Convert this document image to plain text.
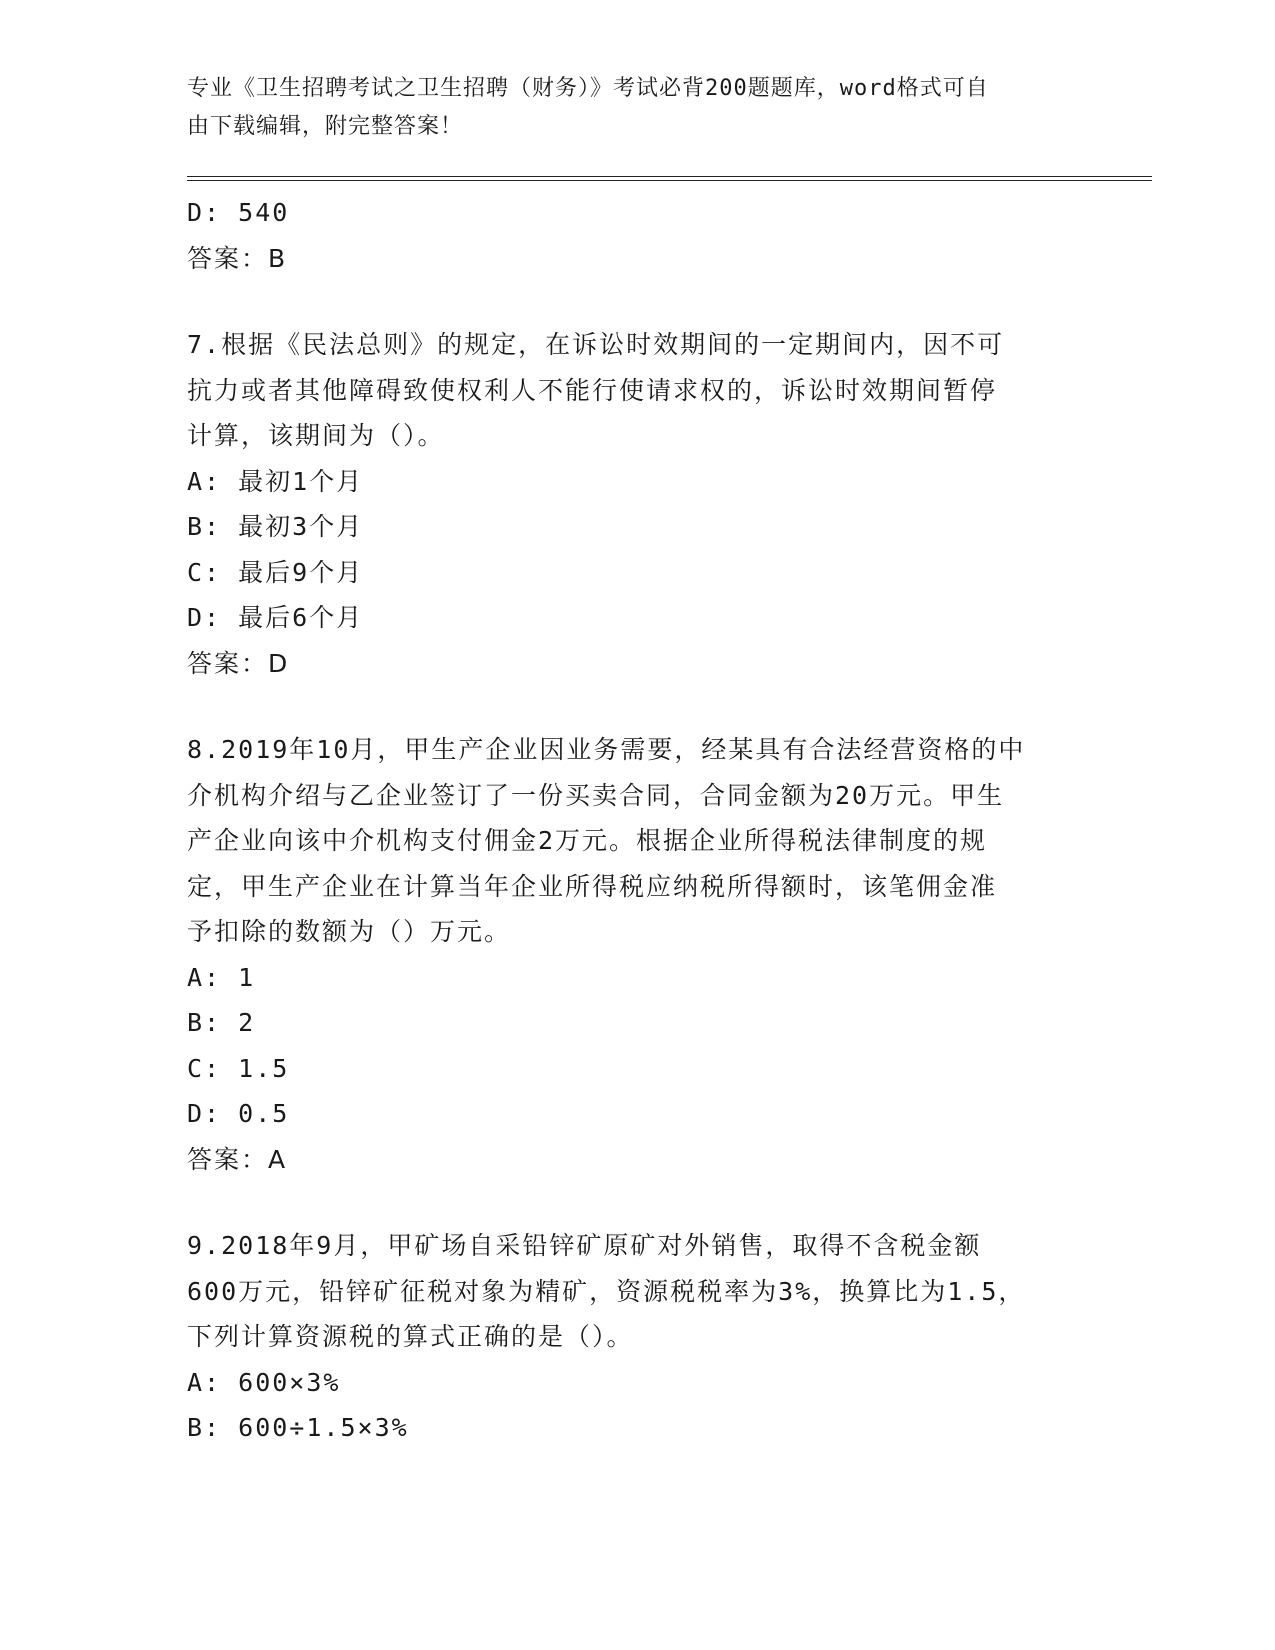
专业《卫生招聘考试之卫生招聘（财务）》考试必背200题题库，word格式可自
由下载编辑，附完整答案！
D: 540
答案：B
7.根据《民法总则》的规定，在诉讼时效期间的一定期间内，因不可
抗力或者其他障碍致使权利人不能行使请求权的，诉讼时效期间暂停
计算，该期间为（）。
A: 最初1个月
B: 最初3个月
C: 最后9个月
D: 最后6个月
答案：D
8.2019年10月，甲生产企业因业务需要，经某具有合法经营资格的中
介机构介绍与乙企业签订了一份买卖合同，合同金额为20万元。甲生
产企业向该中介机构支付佣金2万元。根据企业所得税法律制度的规
定，甲生产企业在计算当年企业所得税应纳税所得额时，该笔佣金准
予扣除的数额为（）万元。
A: 1
B: 2
C: 1.5
D: 0.5
答案：A
9.2018年9月，甲矿场自采铅锌矿原矿对外销售，取得不含税金额
600万元，铅锌矿征税对象为精矿，资源税税率为3%，换算比为1.5，
下列计算资源税的算式正确的是（）。
A: 600×3%
B: 600÷1.5×3%
